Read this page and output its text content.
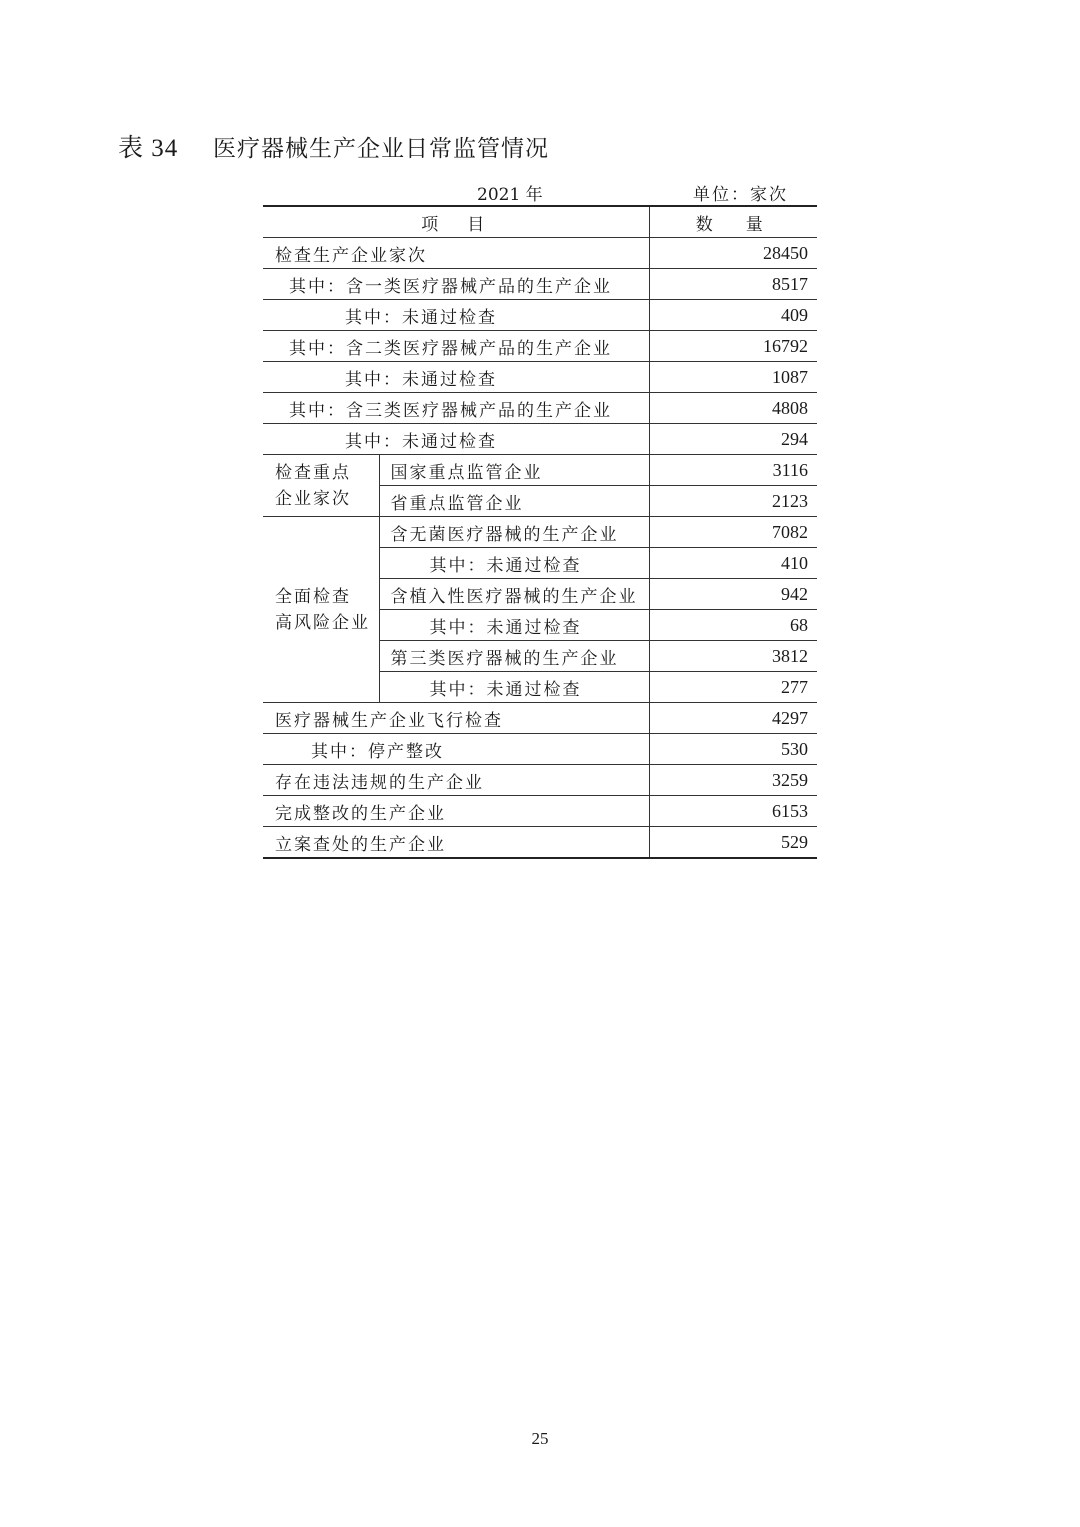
表 34 医疗器械生产企业日常监管情况
2021 年	单位：家次
项　目		数　量
检查生产企业家次		28450
其中：含一类医疗器械产品的生产企业		8517
其中：未通过检查		409
其中：含二类医疗器械产品的生产企业		16792
其中：未通过检查		1087
其中：含三类医疗器械产品的生产企业		4808
其中：未通过检查		294

检查重点
企业家次	国家重点监管企业	3116
	省重点监管企业	2123

全面检查
高风险企业	含无菌医疗器械的生产企业	7082
	其中：未通过检查	410
	含植入性医疗器械的生产企业	942
	其中：未通过检查	68
	第三类医疗器械的生产企业	3812
	其中：未通过检查	277
医疗器械生产企业飞行检查		4297
其中：停产整改		530
存在违法违规的生产企业		3259
完成整改的生产企业		6153
立案查处的生产企业		529
25
